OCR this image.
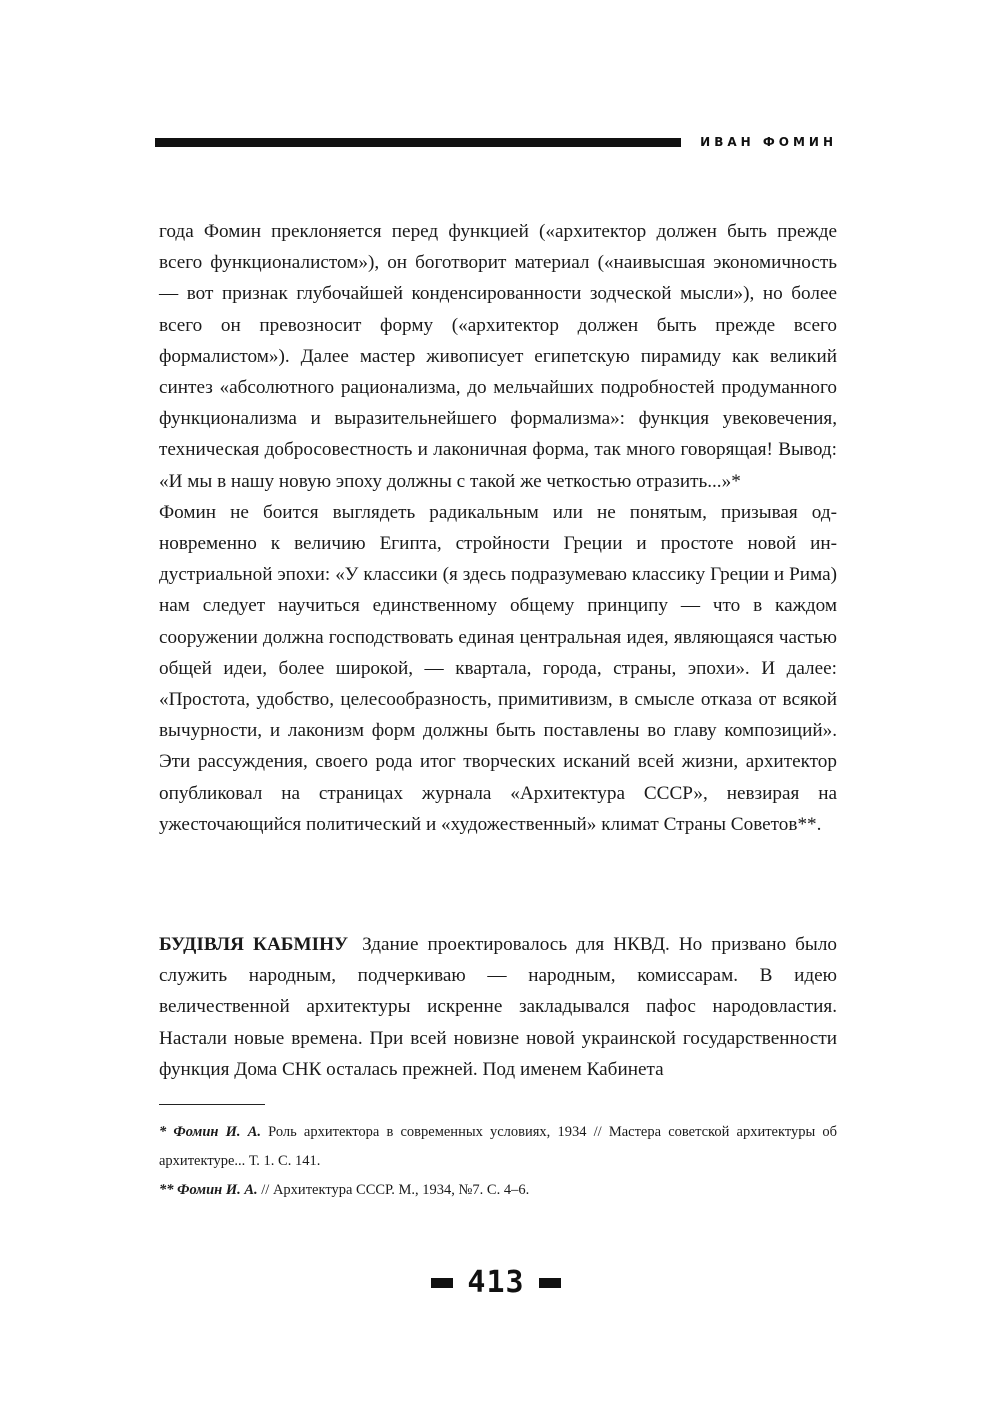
ИВАН ФОМИН

года Фомин преклоняется перед функцией («архитектор должен быть прежде всего функционалистом»), он боготворит материал («наивысшая экономичность — вот признак глубочайшей конденсированности зодческой мысли»), но более всего он превозносит форму («архитектор должен быть прежде всего формалистом»). Далее мастер живописует египетскую пирамиду как великий синтез «абсолютного рационализма, до мельчайших подробностей продуманного функционализма и выразительнейшего формализма»: функция увековечения, техническая добросовестность и лаконичная форма, так много говорящая! Вывод: «И мы в нашу новую эпоху должны с такой же четкостью отразить...»*

Фомин не боится выглядеть радикальным или не понятым, призывая одновременно к величию Египта, стройности Греции и простоте новой индустриальной эпохи: «У классики (я здесь подразумеваю классику Греции и Рима) нам следует научиться единственному общему принципу — что в каждом сооружении должна господствовать единая центральная идея, являющаяся частью общей идеи, более широкой, — квартала, города, страны, эпохи». И далее: «Простота, удобство, целесообразность, примитивизм, в смысле отказа от всякой вычурности, и лаконизм форм должны быть поставлены во главу композиций». Эти рассуждения, своего рода итог творческих исканий всей жизни, архитектор опубликовал на страницах журнала «Архитектура СССР», невзирая на ужесточающийся политический и «художественный» климат Страны Советов**.

БУДІВЛЯ КАБМІНУ Здание проектировалось для НКВД. Но призвано было служить народным, подчеркиваю — народным, комиссарам. В идею величественной архитектуры искренне закладывался пафос народовластия. Настали новые времена. При всей новизне новой украинской государственности функция Дома СНК осталась прежней. Под именем Кабинета

* Фомин И. А. Роль архитектора в современных условиях, 1934 // Мастера советской архитектуры об архитектуре... Т. 1. С. 141.

** Фомин И. А. // Архитектура СССР. М., 1934, №7. С. 4–6.

413
